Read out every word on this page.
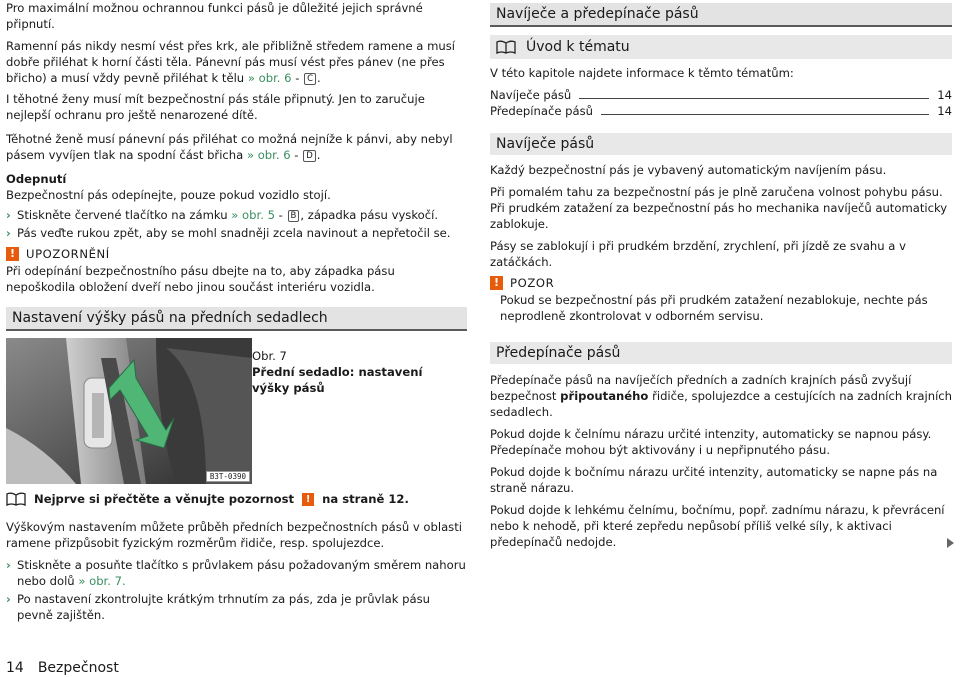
Pro maximální možnou ochrannou funkci pásů je důležité jejich správné připnutí.

Ramenní pás nikdy nesmí vést přes krk, ale přibližně středem ramene a musí dobře přiléhat k horní části těla. Pánevní pás musí vést přes pánev (ne přes břicho) a musí vždy pevně přiléhat k tělu » obr. 6 - C .

I těhotné ženy musí mít bezpečnostní pás stále připnutý. Jen to zaručuje nejlepší ochranu pro ještě nenarozené dítě.

Těhotné ženě musí pánevní pás přiléhat co možná nejníže k pánvi, aby nebyl pásem vyvíjen tlak na spodní část břicha » obr. 6 - D .

Odepnutí

Bezpečnostní pás odepínejte, pouze pokud vozidlo stojí.

› Stiskněte červené tlačítko na zámku » obr. 5 - B , západka pásu vyskočí.
› Pás veďte rukou zpět, aby se mohl snadněji zcela navinout a nepřetočil se.
! UPOZORNĚNÍ

Při odepínání bezpečnostního pásu dbejte na to, aby západka pásu nepoškodila obložení dveří nebo jinou součást interiéru vozidla.

Nastavení výšky pásů na předních sedadlech
B3T-0390
Obr. 7
Přední sedadlo: nastavení výšky pásů
Nejprve si přečtěte a věnujte pozornost	!	na straně 12.

Výškovým nastavením můžete průběh předních bezpečnostních pásů v oblasti ramene přizpůsobit fyzickým rozměrům řidiče, resp. spolujezdce.

› Stiskněte a posuňte tlačítko s průvlakem pásu požadovaným směrem nahoru nebo dolů » obr. 7.
› Po nastavení zkontrolujte krátkým trhnutím za pás, zda je průvlak pásu pevně zajištěn.
Navíječe a předepínače pásů
Úvod k tématu

V této kapitole najdete informace k těmto tématům:

Navíječe pásů	14
Předepínače pásů	14
Navíječe pásů

Každý bezpečnostní pás je vybavený automatickým navíjením pásu.

Při pomalém tahu za bezpečnostní pás je plně zaručena volnost pohybu pásu. Při prudkém zatažení za bezpečnostní pás ho mechanika navíječů automaticky zablokuje.

Pásy se zablokují i při prudkém brzdění, zrychlení, při jízdě ze svahu a v zatáčkách.

! POZOR

Pokud se bezpečnostní pás při prudkém zatažení nezablokuje, nechte pás neprodleně zkontrolovat v odborném servisu.

Předepínače pásů

Předepínače pásů na navíječích předních a zadních krajních pásů zvyšují bezpečnost připoutaného řidiče, spolujezdce a cestujících na zadních krajních sedadlech.

Pokud dojde k čelnímu nárazu určité intenzity, automaticky se napnou pásy. Předepínače mohou být aktivovány i u nepřipnutého pásu.

Pokud dojde k bočnímu nárazu určité intenzity, automaticky se napne pás na straně nárazu.

Pokud dojde k lehkému čelnímu, bočnímu, popř. zadnímu nárazu, k převrácení nebo k nehodě, při které zepředu nepůsobí příliš velké síly, k aktivaci předepínačů nedojde.

14 Bezpečnost
